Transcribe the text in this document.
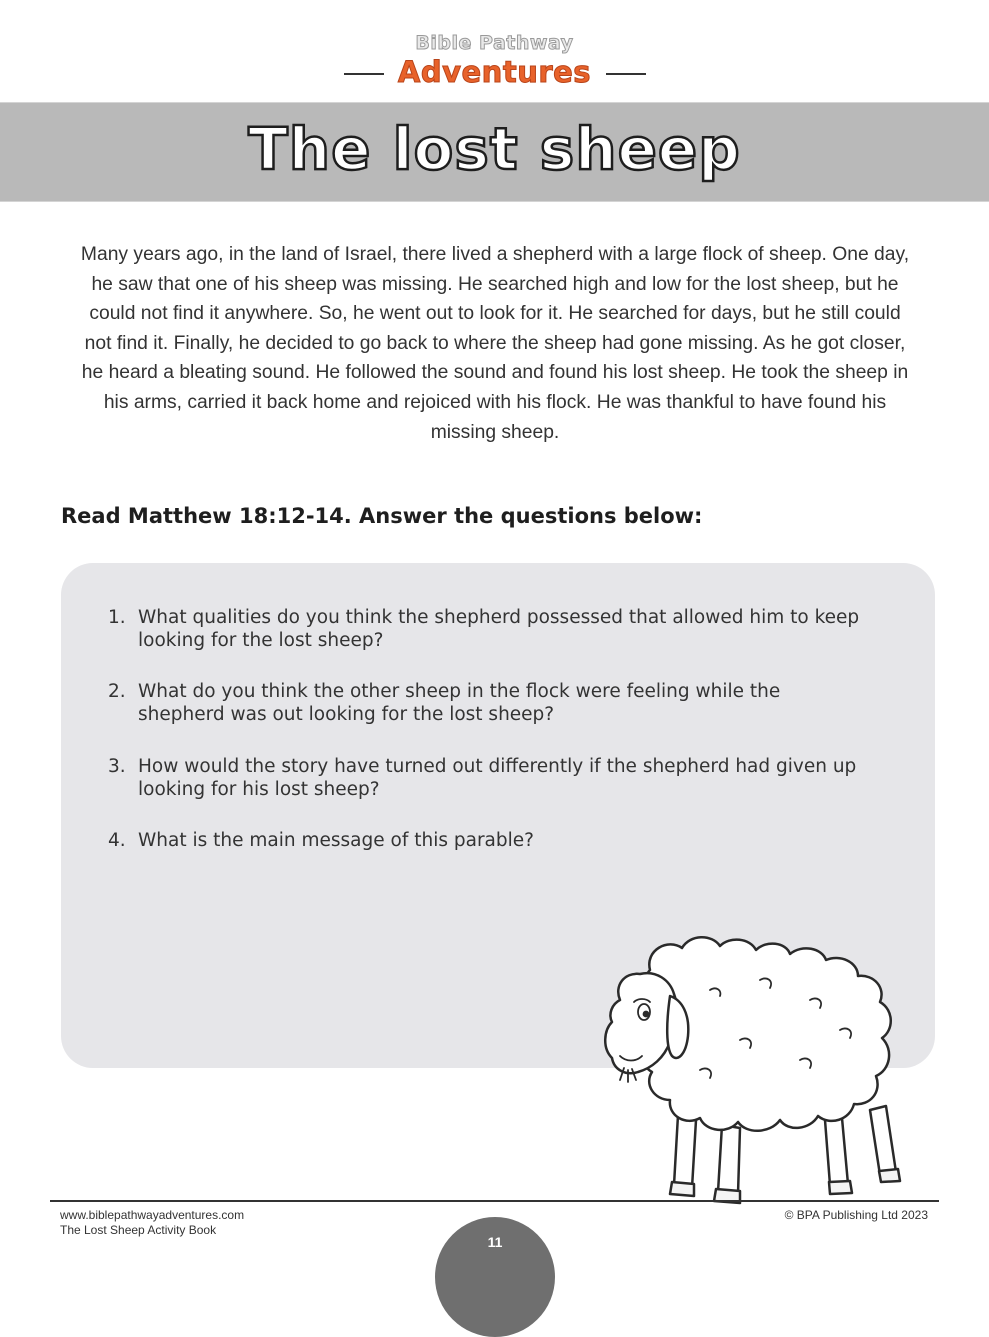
Bible Pathway
Adventures
The lost sheep

Many years ago, in the land of Israel, there lived a shepherd with a large flock of sheep. One day, he saw that one of his sheep was missing. He searched high and low for the lost sheep, but he could not find it anywhere. So, he went out to look for it. He searched for days, but he still could not find it. Finally, he decided to go back to where the sheep had gone missing. As he got closer, he heard a bleating sound. He followed the sound and found his lost sheep. He took the sheep in his arms, carried it back home and rejoiced with his flock. He was thankful to have found his missing sheep.

Read Matthew 18:12-14. Answer the questions below:

1. What qualities do you think the shepherd possessed that allowed him to keep looking for the lost sheep?
2. What do you think the other sheep in the flock were feeling while the shepherd was out looking for the lost sheep?
3. How would the story have turned out differently if the shepherd had given up looking for his lost sheep?
4. What is the main message of this parable?
www.biblepathwayadventures.com
The Lost Sheep Activity Book
© BPA Publishing Ltd 2023
11
